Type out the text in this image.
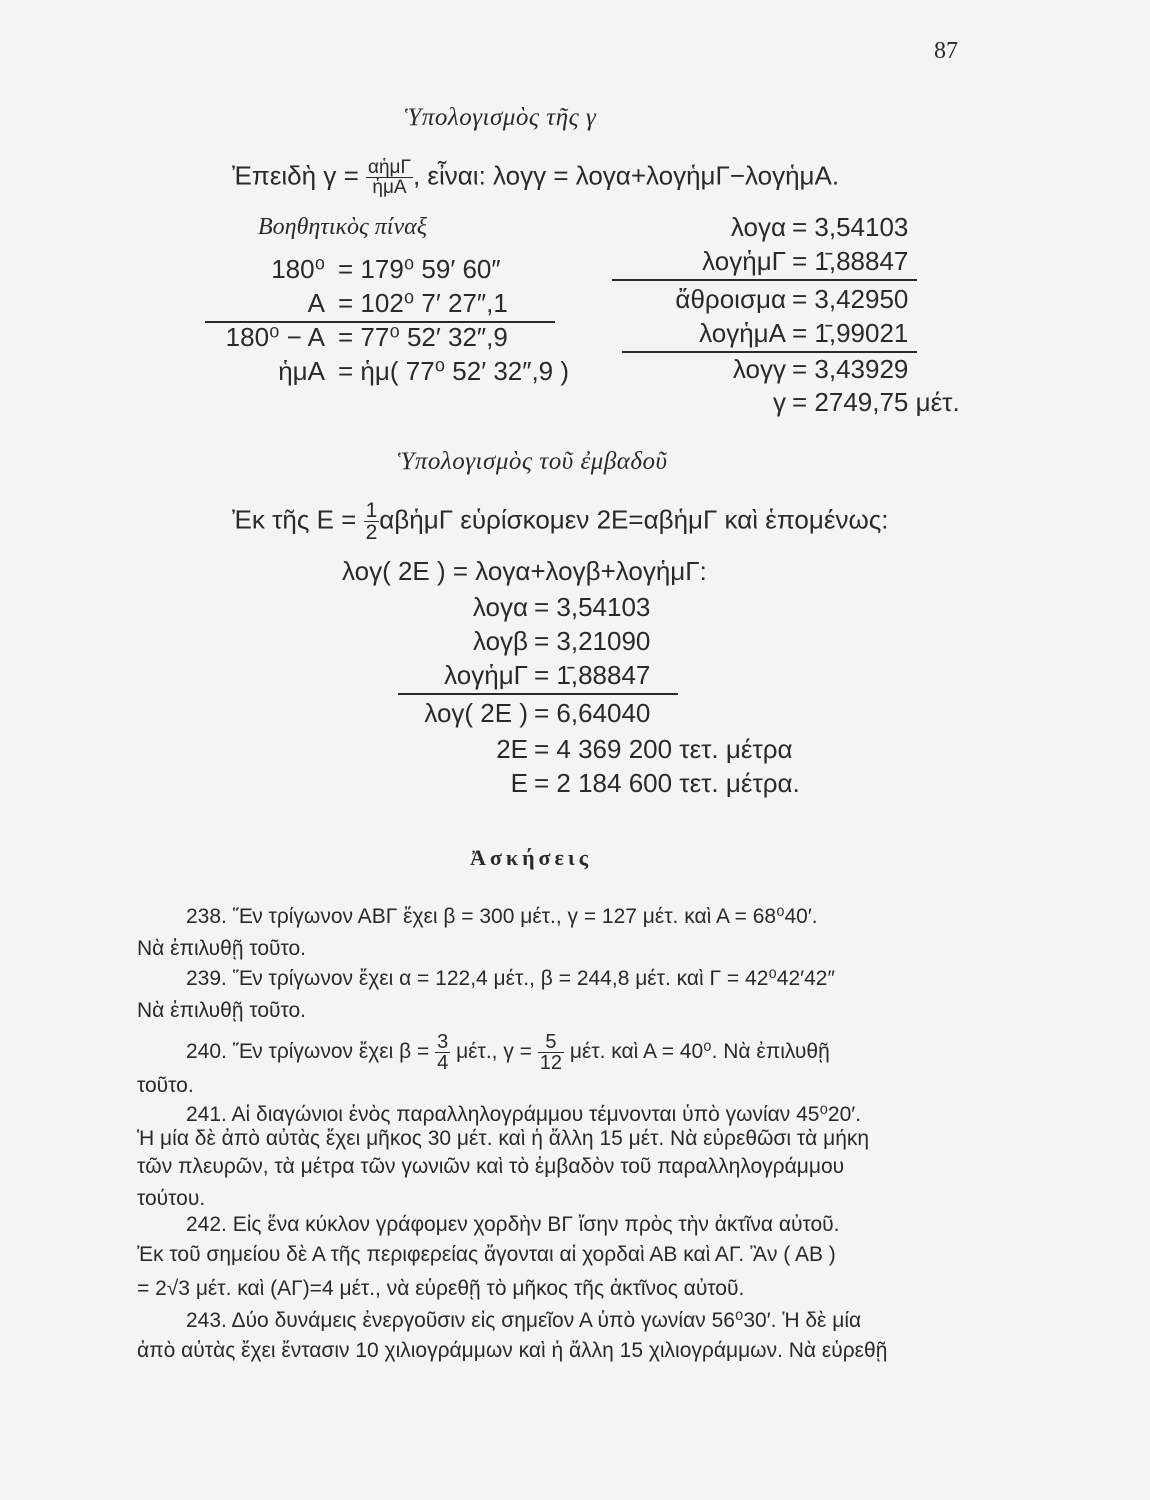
87
Ὑπολογισμὸς τῆς γ
Ἐπειδὴ $\gamma = \frac{\text{αἡμΓ}}{\text{ἡμΑ}}$ , εἶναι: λογγ = λογα+λογἡμΓ−λογἡμΑ.
Βοηθητικὸς πίναξ
180⁰ = 179⁰ 59′ 60″
Α = 102⁰ 7′ 27″,1
180⁰ − Α = 77⁰ 52′ 32″,9
ἡμΑ = ἡμ( 77⁰ 52′ 32″,9 )
λογα = 3,54103
λογἡμΓ = 1̄,88847
ἄθροισμα = 3,42950
λογἡμΑ = 1̄,99021
λογγ = 3,43929
γ = 2749,75 μέτ.
Ὑπολογισμὸς τοῦ ἐμβαδοῦ
Ἐκ τῆς $E = \frac{1}{2}$ αβἡμΓ εὑρίσκομεν 2Ε=αβἡμΓ καὶ ἑπομένως:
λογ( 2Ε ) = λογα+λογβ+λογἡμΓ:
λογα = 3,54103
λογβ = 3,21090
λογἡμΓ = 1̄,88847
λογ( 2Ε ) = 6,64040
2Ε = 4 369 200 τετ. μέτρα
Ε = 2 184 600 τετ. μέτρα.
Ἀσκήσεις
238. Ἕν τρίγωνον ΑΒΓ ἔχει β = 300 μέτ., γ = 127 μέτ. καὶ Α = 68⁰40′.
Νὰ ἐπιλυθῇ τοῦτο.
239. Ἕν τρίγωνον ἔχει α = 122,4 μέτ., β = 244,8 μέτ. καὶ Γ = 42⁰42′42″
Νὰ ἐπιλυθῇ τοῦτο.
240. Ἕν τρίγωνον ἔχει $\beta = \frac{3}{4} \mu έ\tau$., $\gamma = \frac{5}{12} \mu έ\tau$. καὶ Α = 40⁰. Νὰ ἐπιλυθῇ
τοῦτο.
241. Αἱ διαγώνιοι ἑνὸς παραλληλογράμμου τέμνονται ὑπὸ γωνίαν 45⁰20′.
Ἡ μία δὲ ἀπὸ αὐτὰς ἔχει μῆκος 30 μέτ. καὶ ἡ ἄλλη 15 μέτ. Νὰ εὑρεθῶσι τὰ μήκη
τῶν πλευρῶν, τὰ μέτρα τῶν γωνιῶν καὶ τὸ ἐμβαδὸν τοῦ παραλληλογράμμου
τούτου.
242. Εἰς ἕνα κύκλον γράφομεν χορδὴν ΒΓ ἴσην πρὸς τὴν ἀκτῖνα αὐτοῦ.
Ἐκ τοῦ σημείου δὲ Α τῆς περιφερείας ἄγονται αἱ χορδαὶ ΑΒ καὶ ΑΓ. Ἂν ( ΑΒ )
= 2√3 μέτ. καὶ (ΑΓ)=4 μέτ., νὰ εὑρεθῇ τὸ μῆκος τῆς ἀκτῖνος αὐτοῦ.
243. Δύο δυνάμεις ἐνεργοῦσιν εἰς σημεῖον Α ὑπὸ γωνίαν 56⁰30′. Ἡ δὲ μία
ἀπὸ αὐτὰς ἔχει ἔντασιν 10 χιλιογράμμων καὶ ἡ ἄλλη 15 χιλιογράμμων. Νὰ εὑρεθῇ
